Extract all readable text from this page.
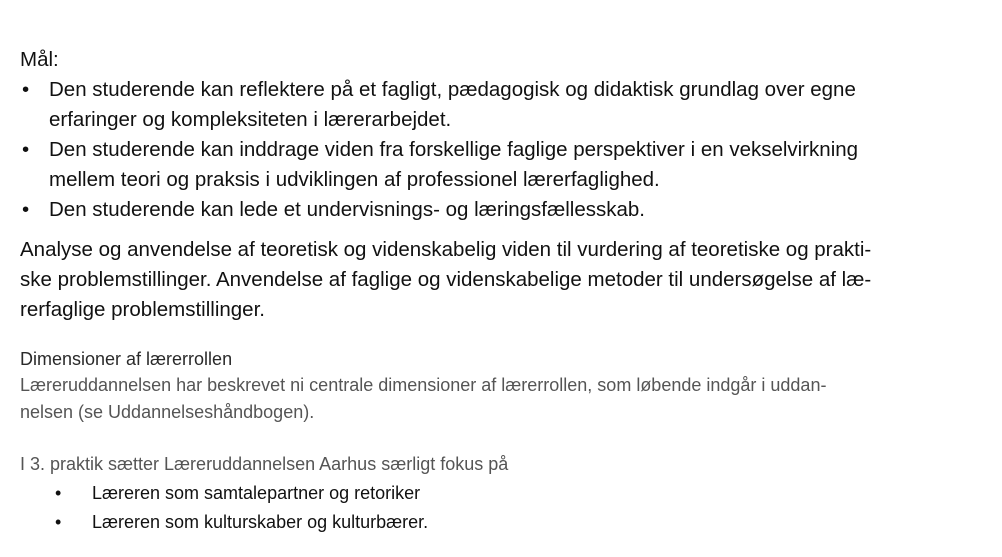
Mål:

• Den studerende kan reflektere på et fagligt, pædagogisk og didaktisk grundlag over egne
erfaringer og kompleksiteten i lærerarbejdet.
• Den studerende kan inddrage viden fra forskellige faglige perspektiver i en vekselvirkning
mellem teori og praksis i udviklingen af professionel lærerfaglighed.
• Den studerende kan lede et undervisnings- og læringsfællesskab.

Analyse og anvendelse af teoretisk og videnskabelig viden til vurdering af teoretiske og prakti-
ske problemstillinger. Anvendelse af faglige og videnskabelige metoder til undersøgelse af læ-
rerfaglige problemstillinger.

Dimensioner af lærerrollen

Læreruddannelsen har beskrevet ni centrale dimensioner af lærerrollen, som løbende indgår i uddan-
nelsen (se Uddannelseshåndbogen).

I 3. praktik sætter Læreruddannelsen Aarhus særligt fokus på

• Læreren som samtalepartner og retoriker
• Læreren som kulturskaber og kulturbærer.
